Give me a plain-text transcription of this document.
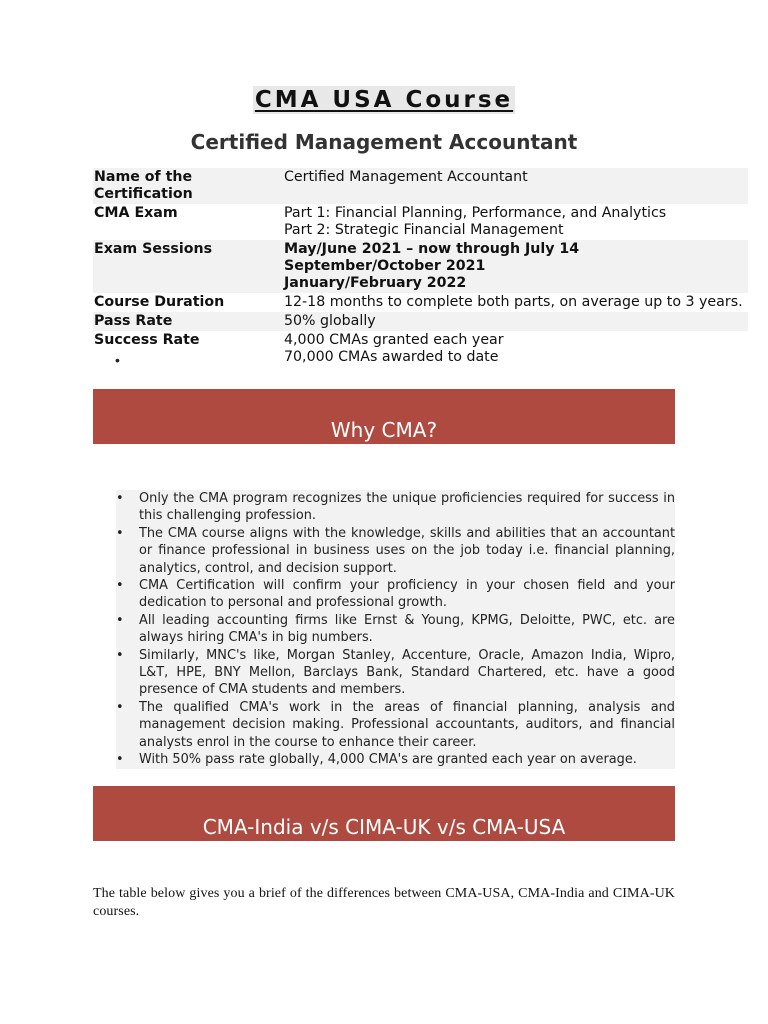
CMA USA Course
Certified Management Accountant
Name of the Certification	Certified Management Accountant

CMA Exam	Part 1: Financial Planning, Performance, and Analytics
Part 2: Strategic Financial Management

Exam Sessions	May/June 2021 – now through July 14
September/October 2021
January/February 2022

Course Duration	12-18 months to complete both parts, on average up to 3 years.

Pass Rate	50% globally

Success Rate	4,000 CMAs granted each year
70,000 CMAs awarded to date
•
Why CMA?
• Only the CMA program recognizes the unique proficiencies required for success in this challenging profession.
• The CMA course aligns with the knowledge, skills and abilities that an accountant or finance professional in business uses on the job today i.e. financial planning, analytics, control, and decision support.
• CMA Certification will confirm your proficiency in your chosen field and your dedication to personal and professional growth.
• All leading accounting firms like Ernst & Young, KPMG, Deloitte, PWC, etc. are always hiring CMA's in big numbers.
• Similarly, MNC's like, Morgan Stanley, Accenture, Oracle, Amazon India, Wipro, L&T, HPE, BNY Mellon, Barclays Bank, Standard Chartered, etc. have a good presence of CMA students and members.
• The qualified CMA's work in the areas of financial planning, analysis and management decision making. Professional accountants, auditors, and financial analysts enrol in the course to enhance their career.
• With 50% pass rate globally, 4,000 CMA's are granted each year on average.
CMA-India v/s CIMA-UK v/s CMA-USA
The table below gives you a brief of the differences between CMA-USA, CMA-India and CIMA-UK courses.
